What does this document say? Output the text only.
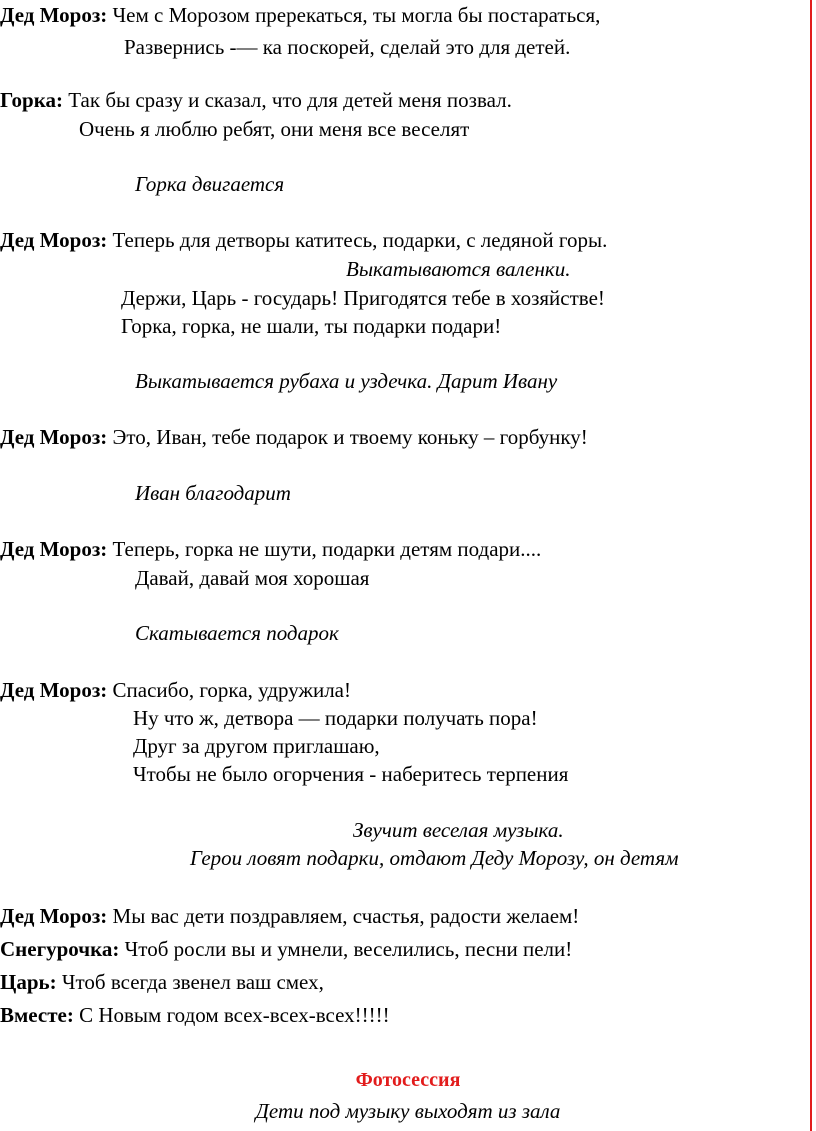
Дед Мороз: Чем с Морозом пререкаться, ты могла бы постараться,
Развернись -— ка поскорей, сделай это для детей.
Горка: Так бы сразу и сказал, что для детей меня позвал.
Очень я люблю ребят, они меня все веселят
Горка двигается
Дед Мороз: Теперь для детворы катитесь, подарки, с ледяной горы.
Выкатываются валенки.
Держи, Царь - государь! Пригодятся тебе в хозяйстве!
Горка, горка, не шали, ты подарки подари!
Выкатывается рубаха и уздечка. Дарит Ивану
Дед Мороз: Это, Иван, тебе подарок и твоему коньку – горбунку!
Иван благодарит
Дед Мороз: Теперь, горка не шути, подарки детям подари....
Давай, давай моя хорошая
Скатывается подарок
Дед Мороз: Спасибо, горка, удружила!
Ну что ж, детвора — подарки получать пора!
Друг за другом приглашаю,
Чтобы не было огорчения - наберитесь терпения
Звучит веселая музыка.
Герои ловят подарки, отдают Деду Морозу, он детям
Дед Мороз: Мы вас дети поздравляем, счастья, радости желаем!
Снегурочка: Чтоб росли вы и умнели, веселились, песни пели!
Царь: Чтоб всегда звенел ваш смех,
Вместе: С Новым годом всех-всех-всех!!!!!
Фотосессия
Дети под музыку выходят из зала
